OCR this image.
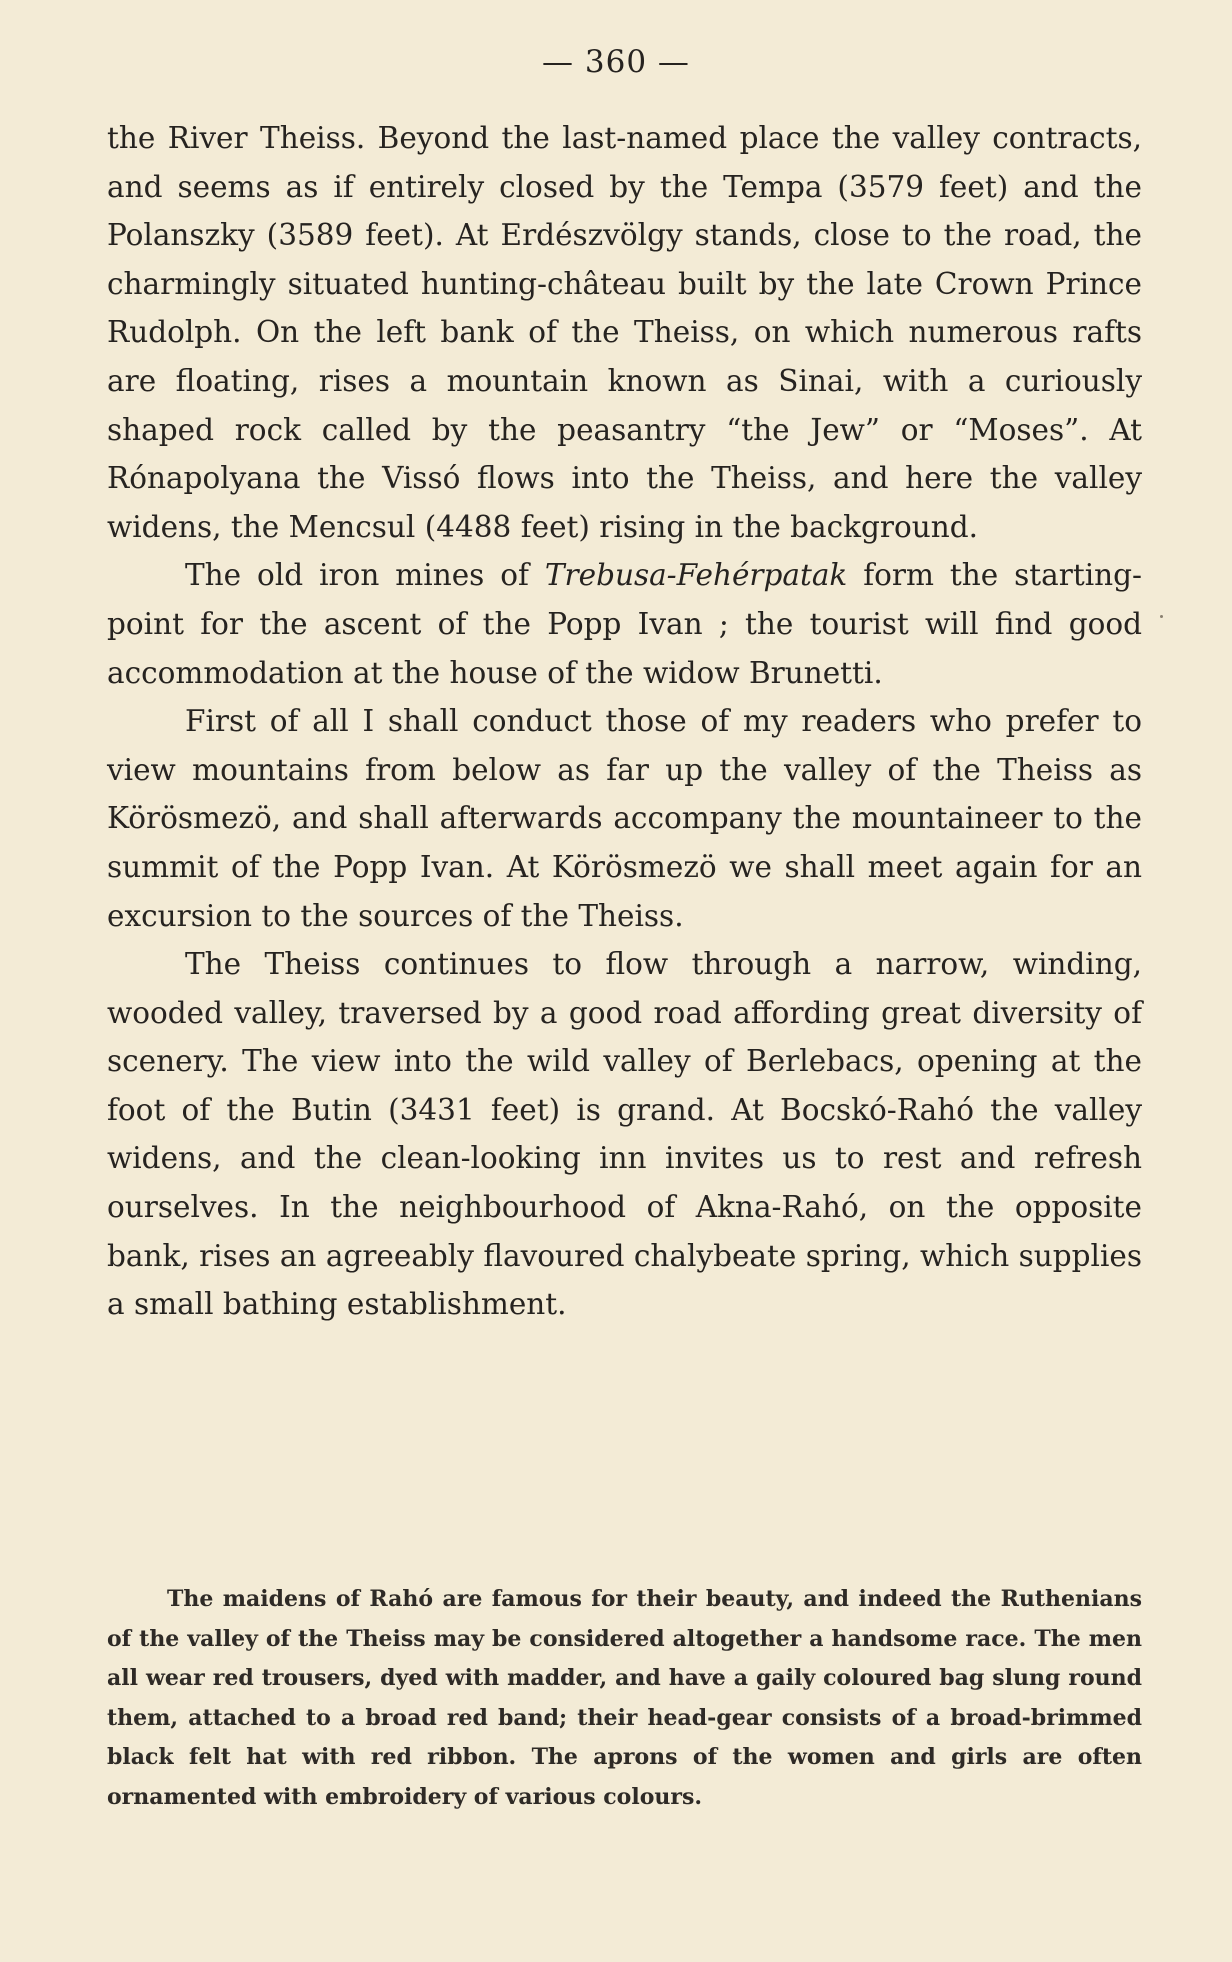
— 360 —

the River Theiss. Beyond the last-named place the valley contracts, and seems as if entirely closed by the Tempa (3579 feet) and the Polanszky (3589 feet). At Erdészvölgy stands, close to the road, the charmingly situated hunting-château built by the late Crown Prince Rudolph. On the left bank of the Theiss, on which numerous rafts are floating, rises a mountain known as Sinai, with a curiously shaped rock called by the peasantry “the Jew” or “Moses”. At Rónapolyana the Vissó flows into the Theiss, and here the valley widens, the Mencsul (4488 feet) rising in the background.

The old iron mines of Trebusa-Fehérpatak form the starting-point for the ascent of the Popp Ivan ; the tourist will find good accommodation at the house of the widow Brunetti.

First of all I shall conduct those of my readers who prefer to view mountains from below as far up the valley of the Theiss as Körösmezö, and shall afterwards accompany the mountaineer to the summit of the Popp Ivan. At Körösmezö we shall meet again for an excursion to the sources of the Theiss.

The Theiss continues to flow through a narrow, winding, wooded valley, traversed by a good road affording great diversity of scenery. The view into the wild valley of Berlebacs, opening at the foot of the Butin (3431 feet) is grand. At Bocskó-Rahó the valley widens, and the clean-looking inn invites us to rest and refresh ourselves. In the neighbourhood of Akna-Rahó, on the opposite bank, rises an agreeably flavoured chalybeate spring, which supplies a small bathing establishment.

The maidens of Rahó are famous for their beauty, and indeed the Ruthenians of the valley of the Theiss may be considered altogether a handsome race. The men all wear red trousers, dyed with madder, and have a gaily coloured bag slung round them, attached to a broad red band; their head-gear consists of a broad-brimmed black felt hat with red ribbon. The aprons of the women and girls are often ornamented with embroidery of various colours.
